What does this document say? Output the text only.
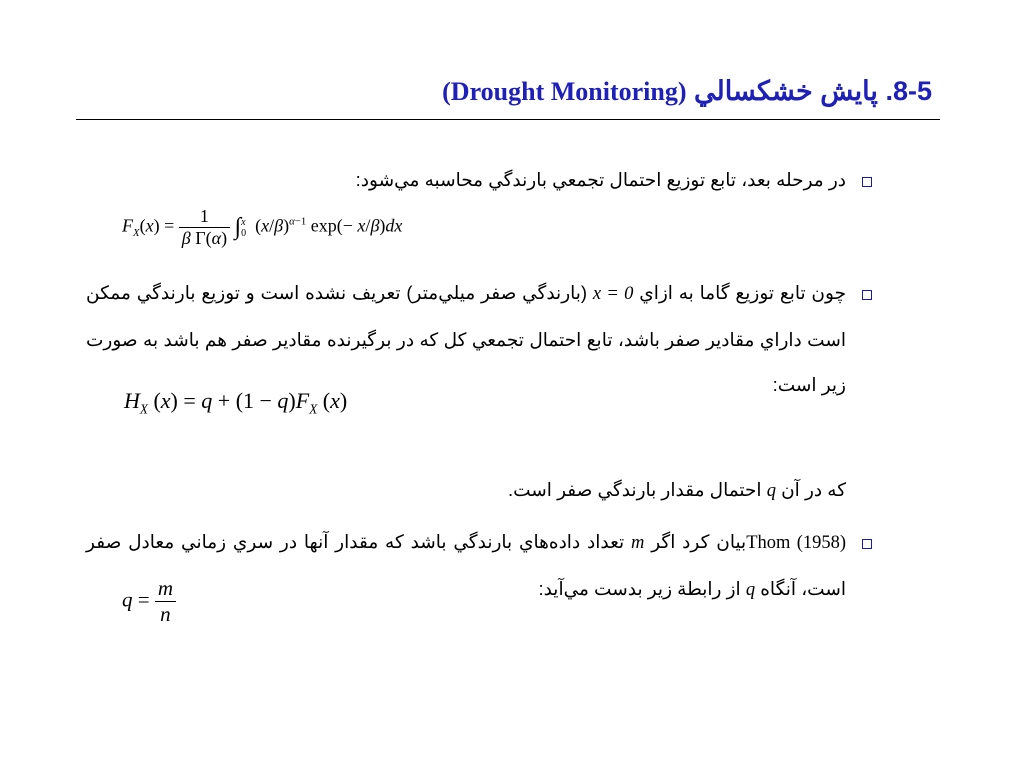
8-5. پايش خشكسالي (Drought Monitoring)
در مرحله بعد، تابع توزيع احتمال تجمعي بارندگي محاسبه مي‌شود:
$F_X(x) = \frac{1}{\text{β Γ(α)}} \int_0^x$ $(x/\beta)^{\alpha-1}$ exp(− x/β)dx
چون تابع توزيع گاما به ازاي x = 0 (بارندگي صفر ميلي‌متر) تعريف نشده است و توزيع بارندگي ممكن است داراي مقادير صفر باشد، تابع احتمال تجمعي كل كه در برگيرنده مقادير صفر هم باشد به صورت زير است:
$H_X$ $(x) = q + (1 - q)F_X$ (x)
كه در آن q احتمال مقدار بارندگي صفر است.
Thom (1958)بيان كرد اگر m تعداد داده‌هاي بارندگي باشد كه مقدار آنها در سري زماني معادل صفر است، آنگاه q از رابطة زير بدست مي‌آيد:
$q = \frac{m}{n}$
